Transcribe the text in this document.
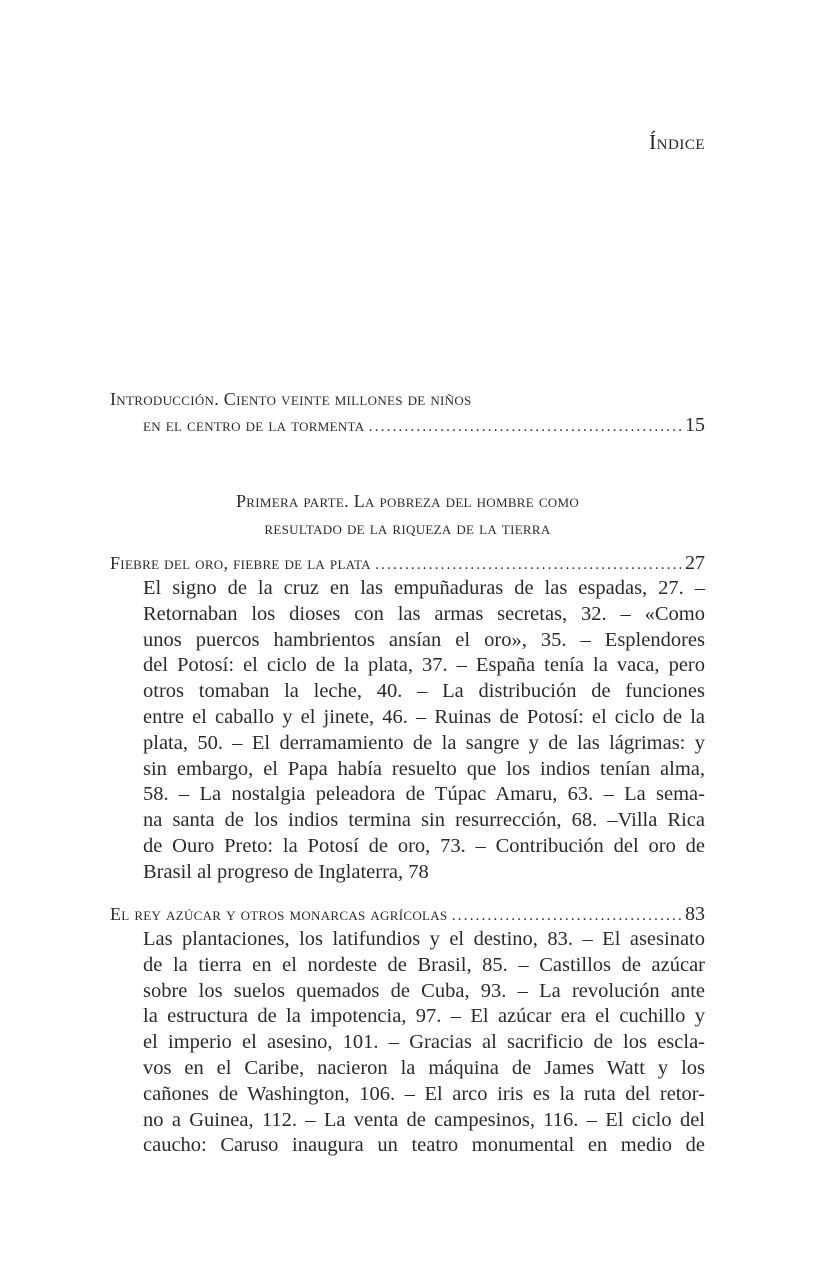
Índice
Introducción. Ciento veinte millones de niños
en el centro de la tormenta .....	15
Primera parte. La pobreza del hombre como
resultado de la riqueza de la tierra
Fiebre del oro, fiebre de la plata .....	27
El signo de la cruz en las empuñaduras de las espadas, 27. –
Retornaban los dioses con las armas secretas, 32. – «Como
unos puercos hambrientos ansían el oro», 35. – Esplendores
del Potosí: el ciclo de la plata, 37. – España tenía la vaca, pero
otros tomaban la leche, 40. – La distribución de funciones
entre el caballo y el jinete, 46. – Ruinas de Potosí: el ciclo de la
plata, 50. – El derramamiento de la sangre y de las lágrimas: y
sin embargo, el Papa había resuelto que los indios tenían alma,
58. – La nostalgia peleadora de Túpac Amaru, 63. – La sema-
na santa de los indios termina sin resurrección, 68. –Villa Rica
de Ouro Preto: la Potosí de oro, 73. – Contribución del oro de
Brasil al progreso de Inglaterra, 78
El rey azúcar y otros monarcas agrícolas .....	83
Las plantaciones, los latifundios y el destino, 83. – El asesinato
de la tierra en el nordeste de Brasil, 85. – Castillos de azúcar
sobre los suelos quemados de Cuba, 93. – La revolución ante
la estructura de la impotencia, 97. – El azúcar era el cuchillo y
el imperio el asesino, 101. – Gracias al sacrificio de los escla-
vos en el Caribe, nacieron la máquina de James Watt y los
cañones de Washington, 106. – El arco iris es la ruta del retor-
no a Guinea, 112. – La venta de campesinos, 116. – El ciclo del
caucho: Caruso inaugura un teatro monumental en medio de
